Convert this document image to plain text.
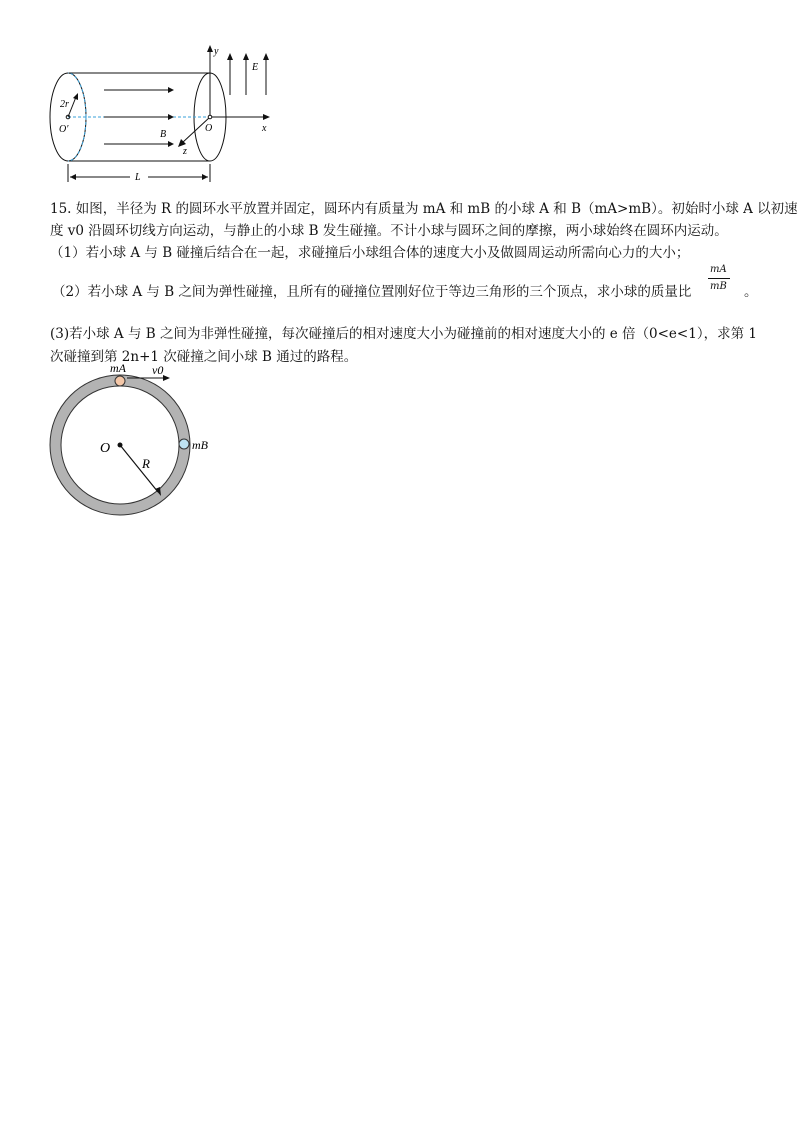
y
E
x
2r
O′	B
O
z
L

15. 如图，半径为 R 的圆环水平放置并固定，圆环内有质量为 mA 和 mB 的小球 A 和 B（mA>mB）。初始时小球 A 以初速

度 v0 沿圆环切线方向运动，与静止的小球 B 发生碰撞。不计小球与圆环之间的摩擦，两小球始终在圆环内运动。

（1）若小球 A 与 B 碰撞后结合在一起，求碰撞后小球组合体的速度大小及做圆周运动所需向心力的大小；

（2）若小球 A 与 B 之间为弹性碰撞，且所有的碰撞位置刚好位于等边三角形的三个顶点，求小球的质量比
mA
mB 。

(3)若小球 A 与 B 之间为非弹性碰撞，每次碰撞后的相对速度大小为碰撞前的相对速度大小的 e 倍（0<e<1），求第 1

次碰撞到第 2n+1 次碰撞之间小球 B 通过的路程。

mA v0
O
R
mB
